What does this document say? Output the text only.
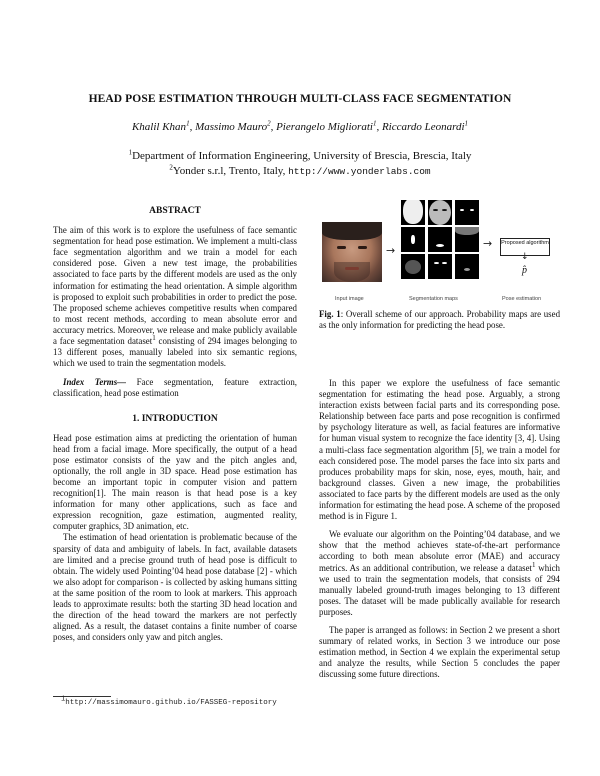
HEAD POSE ESTIMATION THROUGH MULTI-CLASS FACE SEGMENTATION
Khalil Khan$^1$, Massimo Mauro$^2$, Pierangelo Migliorati$^1$, Riccardo Leonardi$^1$
$^1$Department of Information Engineering, University of Brescia, Brescia, Italy
$^2$Yonder s.r.l, Trento, Italy, http://www.yonderlabs.com
ABSTRACT

The aim of this work is to explore the usefulness of face semantic segmentation for head pose estimation. We implement a multi-class face segmentation algorithm and we train a model for each considered pose. Given a new test image, the probabilities associated to face parts by the different models are used as the only information for estimating the head orientation. A simple algorithm is proposed to exploit such probabilities in order to predict the pose. The proposed scheme achieves competitive results when compared to most recent methods, according to mean absolute error and accuracy metrics. Moreover, we release and make publicly available a face segmentation dataset$^1$ consisting of 294 images belonging to 13 different poses, manually labeled into six semantic regions, which we used to train the segmentation models.

Index Terms— Face segmentation, feature extraction, classification, head pose estimation

1. INTRODUCTION

Head pose estimation aims at predicting the orientation of human head from a facial image. More specifically, the output of a head pose estimator consists of the yaw and the pitch angles and, optionally, the roll angle in 3D space. Head pose estimation has become an important topic in computer vision and pattern recognition[1]. The main reason is that head pose is a key information for many other applications, such as face and expression recognition, gaze estimation, augmented reality, computer graphics, 3D animation, etc.

The estimation of head orientation is problematic because of the sparsity of data and ambiguity of labels. In fact, available datasets are limited and a precise ground truth of head pose is difficult to obtain. The widely used Pointing’04 head pose database [2] - which we also adopt for comparison - is collected by asking humans sitting at the same position of the room to look at markers. This approach leads to approximate results: both the starting 3D head location and the direction of the head toward the markers are not perfectly aligned. As a result, the dataset contains a finite number of coarse poses, and considers only yaw and pitch angles.

$^1$http://massimomauro.github.io/FASSEG-repository
→
→ Proposed algorithm
↓
p̂
Input image	Segmentation maps	Pose estimation
Fig. 1: Overall scheme of our approach. Probability maps are used as the only information for predicting the head pose.

In this paper we explore the usefulness of face semantic segmentation for estimating the head pose. Arguably, a strong interaction exists between facial parts and its corresponding pose. Relationship between face parts and pose recognition is confirmed by psychology literature as well, as facial features are informative for human visual system to recognize the face identity [3, 4]. Using a multi-class face segmentation algorithm [5], we train a model for each considered pose. The model parses the face into six parts and produces probability maps for skin, nose, eyes, mouth, hair, and background classes. Given a new image, the probabilities associated to face parts by the different models are used as the only information for estimating the head pose. A scheme of the proposed method is in Figure 1.

We evaluate our algorithm on the Pointing’04 database, and we show that the method achieves state-of-the-art performance according to both mean absolute error (MAE) and accuracy metrics. As an additional contribution, we release a dataset$^1$ which we used to train the segmentation models, that consists of 294 manually labeled ground-truth images belonging to 13 different poses. The dataset will be made publically available for research purposes.

The paper is arranged as follows: in Section 2 we present a short summary of related works, in Section 3 we introduce our pose estimation method, in Section 4 we explain the experimental setup and analyze the results, while Section 5 concludes the paper discussing some future directions.
